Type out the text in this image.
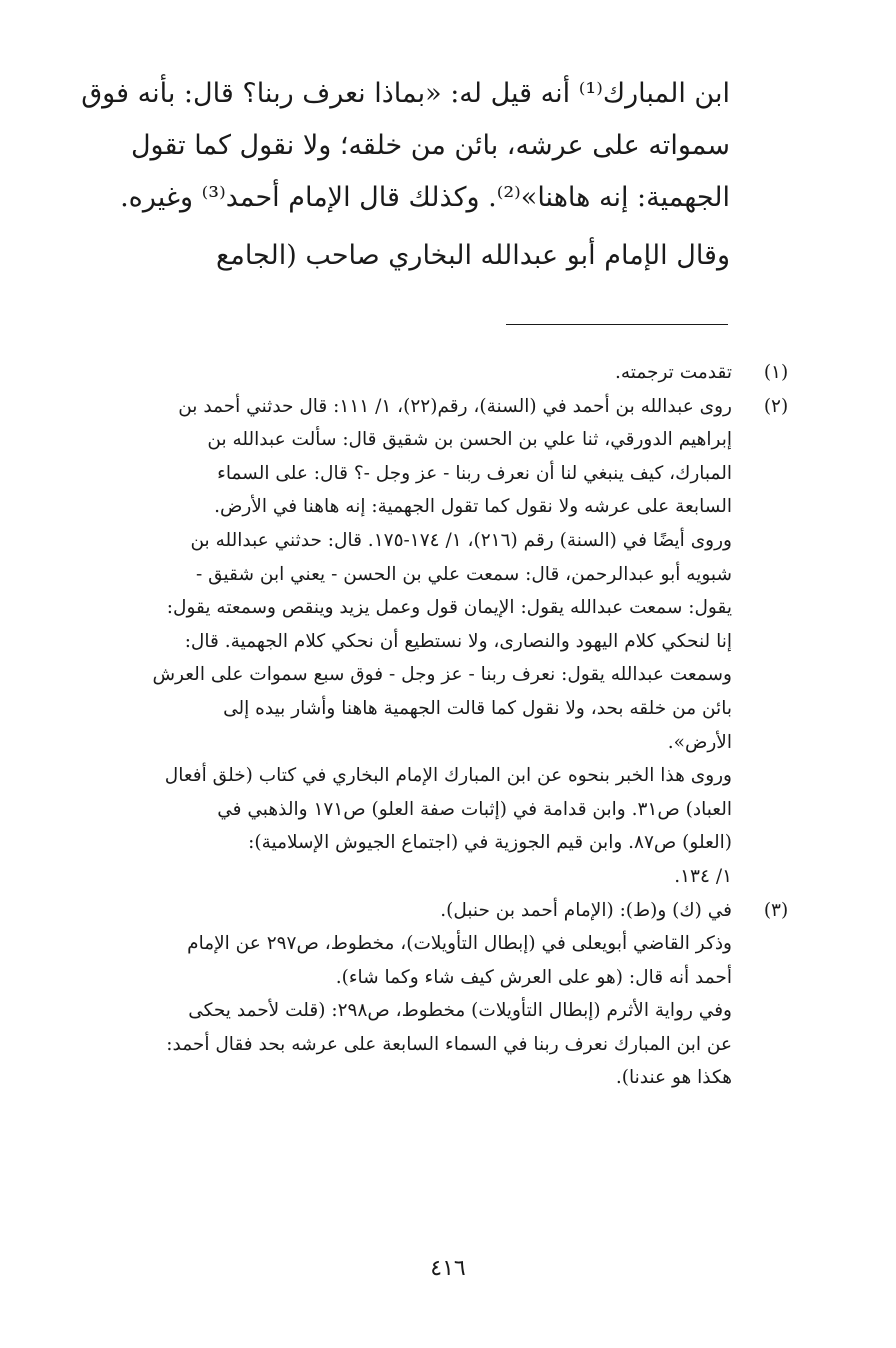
ابن المبارك⁽¹⁾ أنه قيل له: «بماذا نعرف ربنا؟ قال: بأنه فوق
سمواته على عرشه، بائن من خلقه؛ ولا نقول كما تقول
الجهمية: إنه هاهنا»⁽²⁾. وكذلك قال الإمام أحمد⁽³⁾ وغيره.
وقال الإمام أبو عبدالله البخاري صاحب (الجامع
(١)
تقدمت ترجمته.
(٢)
روى عبدالله بن أحمد في (السنة)، رقم(٢٢)، ١/ ١١١: قال حدثني أحمد بن
إبراهيم الدورقي، ثنا علي بن الحسن بن شقيق قال: سألت عبدالله بن
المبارك، كيف ينبغي لنا أن نعرف ربنا - عز وجل -؟ قال: على السماء
السابعة على عرشه ولا نقول كما تقول الجهمية: إنه هاهنا في الأرض.
وروى أيضًا في (السنة) رقم (٢١٦)، ١/ ١٧٤-١٧٥. قال: حدثني عبدالله بن
شبويه أبو عبدالرحمن، قال: سمعت علي بن الحسن - يعني ابن شقيق -
يقول: سمعت عبدالله يقول: الإيمان قول وعمل يزيد وينقص وسمعته يقول:
إنا لنحكي كلام اليهود والنصارى، ولا نستطيع أن نحكي كلام الجهمية. قال:
وسمعت عبدالله يقول: نعرف ربنا - عز وجل - فوق سبع سموات على العرش
بائن من خلقه بحد، ولا نقول كما قالت الجهمية هاهنا وأشار بيده إلى
الأرض».
وروى هذا الخبر بنحوه عن ابن المبارك الإمام البخاري في كتاب (خلق أفعال
العباد) ص٣١. وابن قدامة في (إثبات صفة العلو) ص١٧١ والذهبي في
(العلو) ص٨٧. وابن قيم الجوزية في (اجتماع الجيوش الإسلامية):
١/ ١٣٤.
(٣)
في (ك) و(ط): (الإمام أحمد بن حنبل).
وذكر القاضي أبويعلى في (إبطال التأويلات)، مخطوط، ص٢٩٧ عن الإمام
أحمد أنه قال: (هو على العرش كيف شاء وكما شاء).
وفي رواية الأثرم (إبطال التأويلات) مخطوط، ص٢٩٨: (قلت لأحمد يحكى
عن ابن المبارك نعرف ربنا في السماء السابعة على عرشه بحد فقال أحمد:
هكذا هو عندنا).
٤١٦
